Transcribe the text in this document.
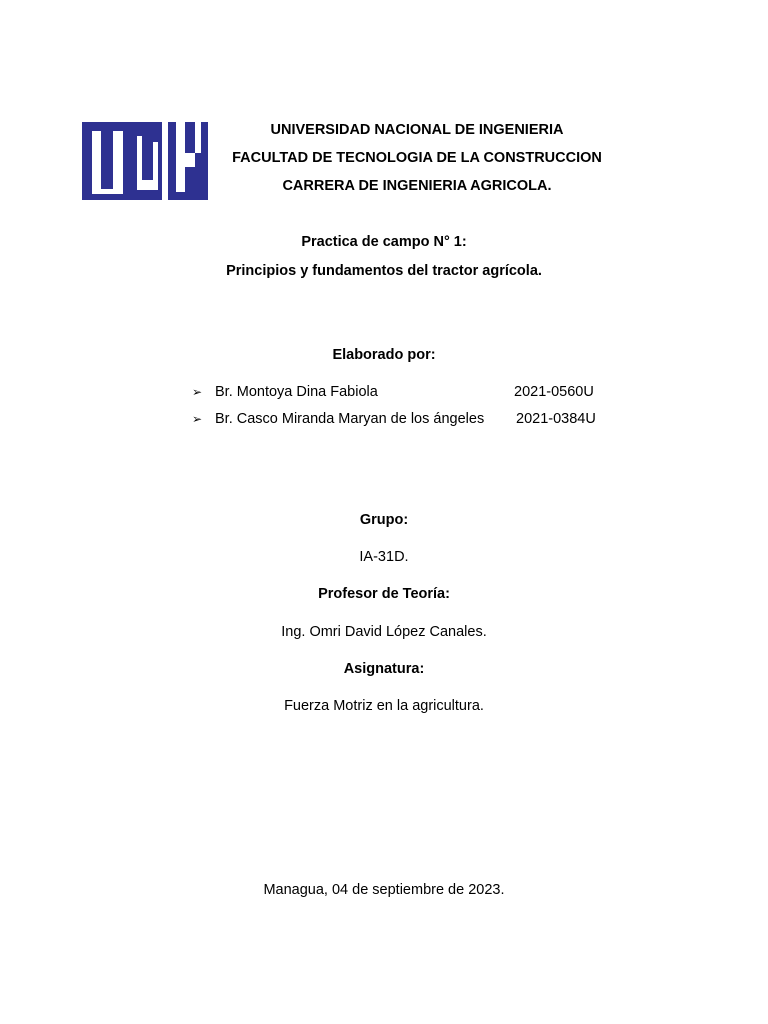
UNIVERSIDAD NACIONAL DE INGENIERIA
FACULTAD DE TECNOLOGIA DE LA CONSTRUCCION
CARRERA DE INGENIERIA AGRICOLA.
Practica de campo N° 1:
Principios y fundamentos del tractor agrícola.
Elaborado por:
➢ Br. Montoya Dina Fabiola	2021-0560U
➢ Br. Casco Miranda Maryan de los ángeles 2021-0384U
Grupo:
IA-31D.
Profesor de Teoría:
Ing. Omri David López Canales.
Asignatura:
Fuerza Motriz en la agricultura.
Managua, 04 de septiembre de 2023.
